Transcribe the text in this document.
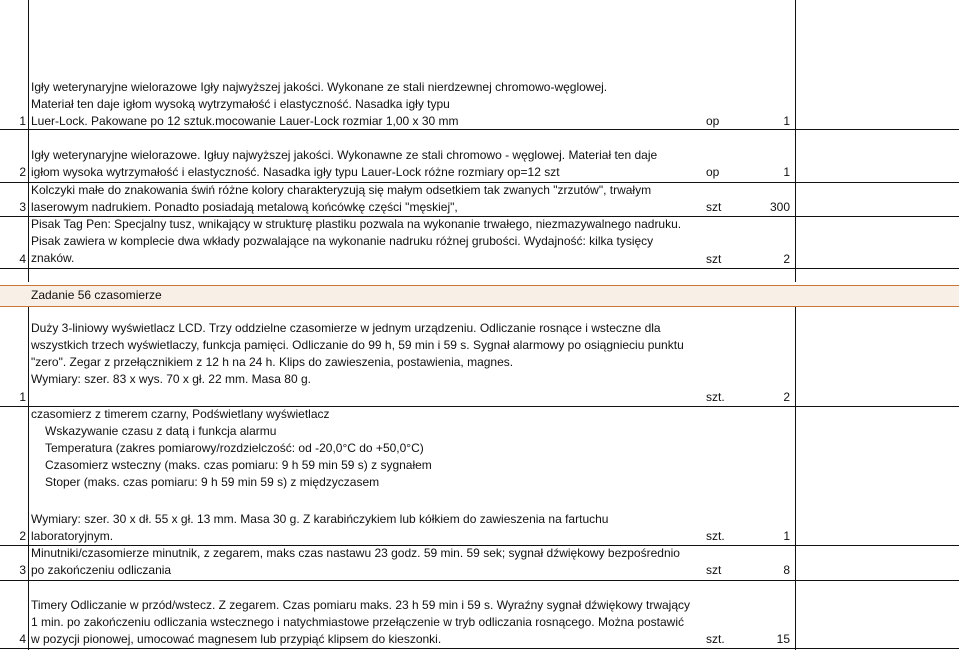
Igły weterynaryjne wielorazowe Igły najwyższej jakości. Wykonane ze stali nierdzewnej chromowo-węglowej.
Materiał ten daje igłom wysoką wytrzymałość i elastyczność. Nasadka igły typu
Luer-Lock. Pakowane po 12 sztuk.mocowanie Lauer-Lock rozmiar 1,00 x 30 mm
1	op	1
Igły weterynaryjne wielorazowe. Igłuy najwyższej jakości. Wykonawne ze stali chromowo - węglowej. Materiał ten daje
igłom wysoka wytrzymałość i elastyczność. Nasadka igły typu Lauer-Lock różne rozmiary op=12 szt
2	op	1
Kolczyki małe do znakowania świń różne kolory charakteryzują się małym odsetkiem tak zwanych "zrzutów", trwałym
laserowym nadrukiem. Ponadto posiadają metalową końcówkę części "męskiej",
3	szt	300
Pisak Tag Pen: Specjalny tusz, wnikający w strukturę plastiku pozwala na wykonanie trwałego, niezmazywalnego nadruku.
Pisak zawiera w komplecie dwa wkłady pozwalające na wykonanie nadruku różnej grubości. Wydajność: kilka tysięcy
znaków.
4	szt	2
Zadanie 56 czasomierze
Duży 3-liniowy wyświetlacz LCD. Trzy oddzielne czasomierze w jednym urządzeniu. Odliczanie rosnące i wsteczne dla
wszystkich trzech wyświetlaczy, funkcja pamięci. Odliczanie do 99 h, 59 min i 59 s. Sygnał alarmowy po osiągnieciu punktu
"zero". Zegar z przełącznikiem z 12 h na 24 h. Klips do zawieszenia, postawienia, magnes.
Wymiary: szer. 83 x wys. 70 x gł. 22 mm. Masa 80 g.
1	szt.	2
czasomierz z timerem czarny, Podświetlany wyświetlacz
Wskazywanie czasu z datą i funkcja alarmu
Temperatura (zakres pomiarowy/rozdzielczość: od -20,0°C do +50,0°C)
Czasomierz wsteczny (maks. czas pomiaru: 9 h 59 min 59 s) z sygnałem
Stoper (maks. czas pomiaru: 9 h 59 min 59 s) z międzyczasem
Wymiary: szer. 30 x dł. 55 x gł. 13 mm. Masa 30 g. Z karabińczykiem lub kółkiem do zawieszenia na fartuchu
laboratoryjnym.
2	szt.	1
Minutniki/czasomierze minutnik, z zegarem, maks czas nastawu 23 godz. 59 min. 59 sek; sygnał dźwiękowy bezpośrednio
po zakończeniu odliczania
3	szt	8
Timery Odliczanie w przód/wstecz. Z zegarem. Czas pomiaru maks. 23 h 59 min i 59 s. Wyraźny sygnał dźwiękowy trwający
1 min. po zakończeniu odliczania wstecznego i natychmiastowe przełączenie w tryb odliczania rosnącego. Można postawić
w pozycji pionowej, umocować magnesem lub przypiąć klipsem do kieszonki.
4	szt.	15
